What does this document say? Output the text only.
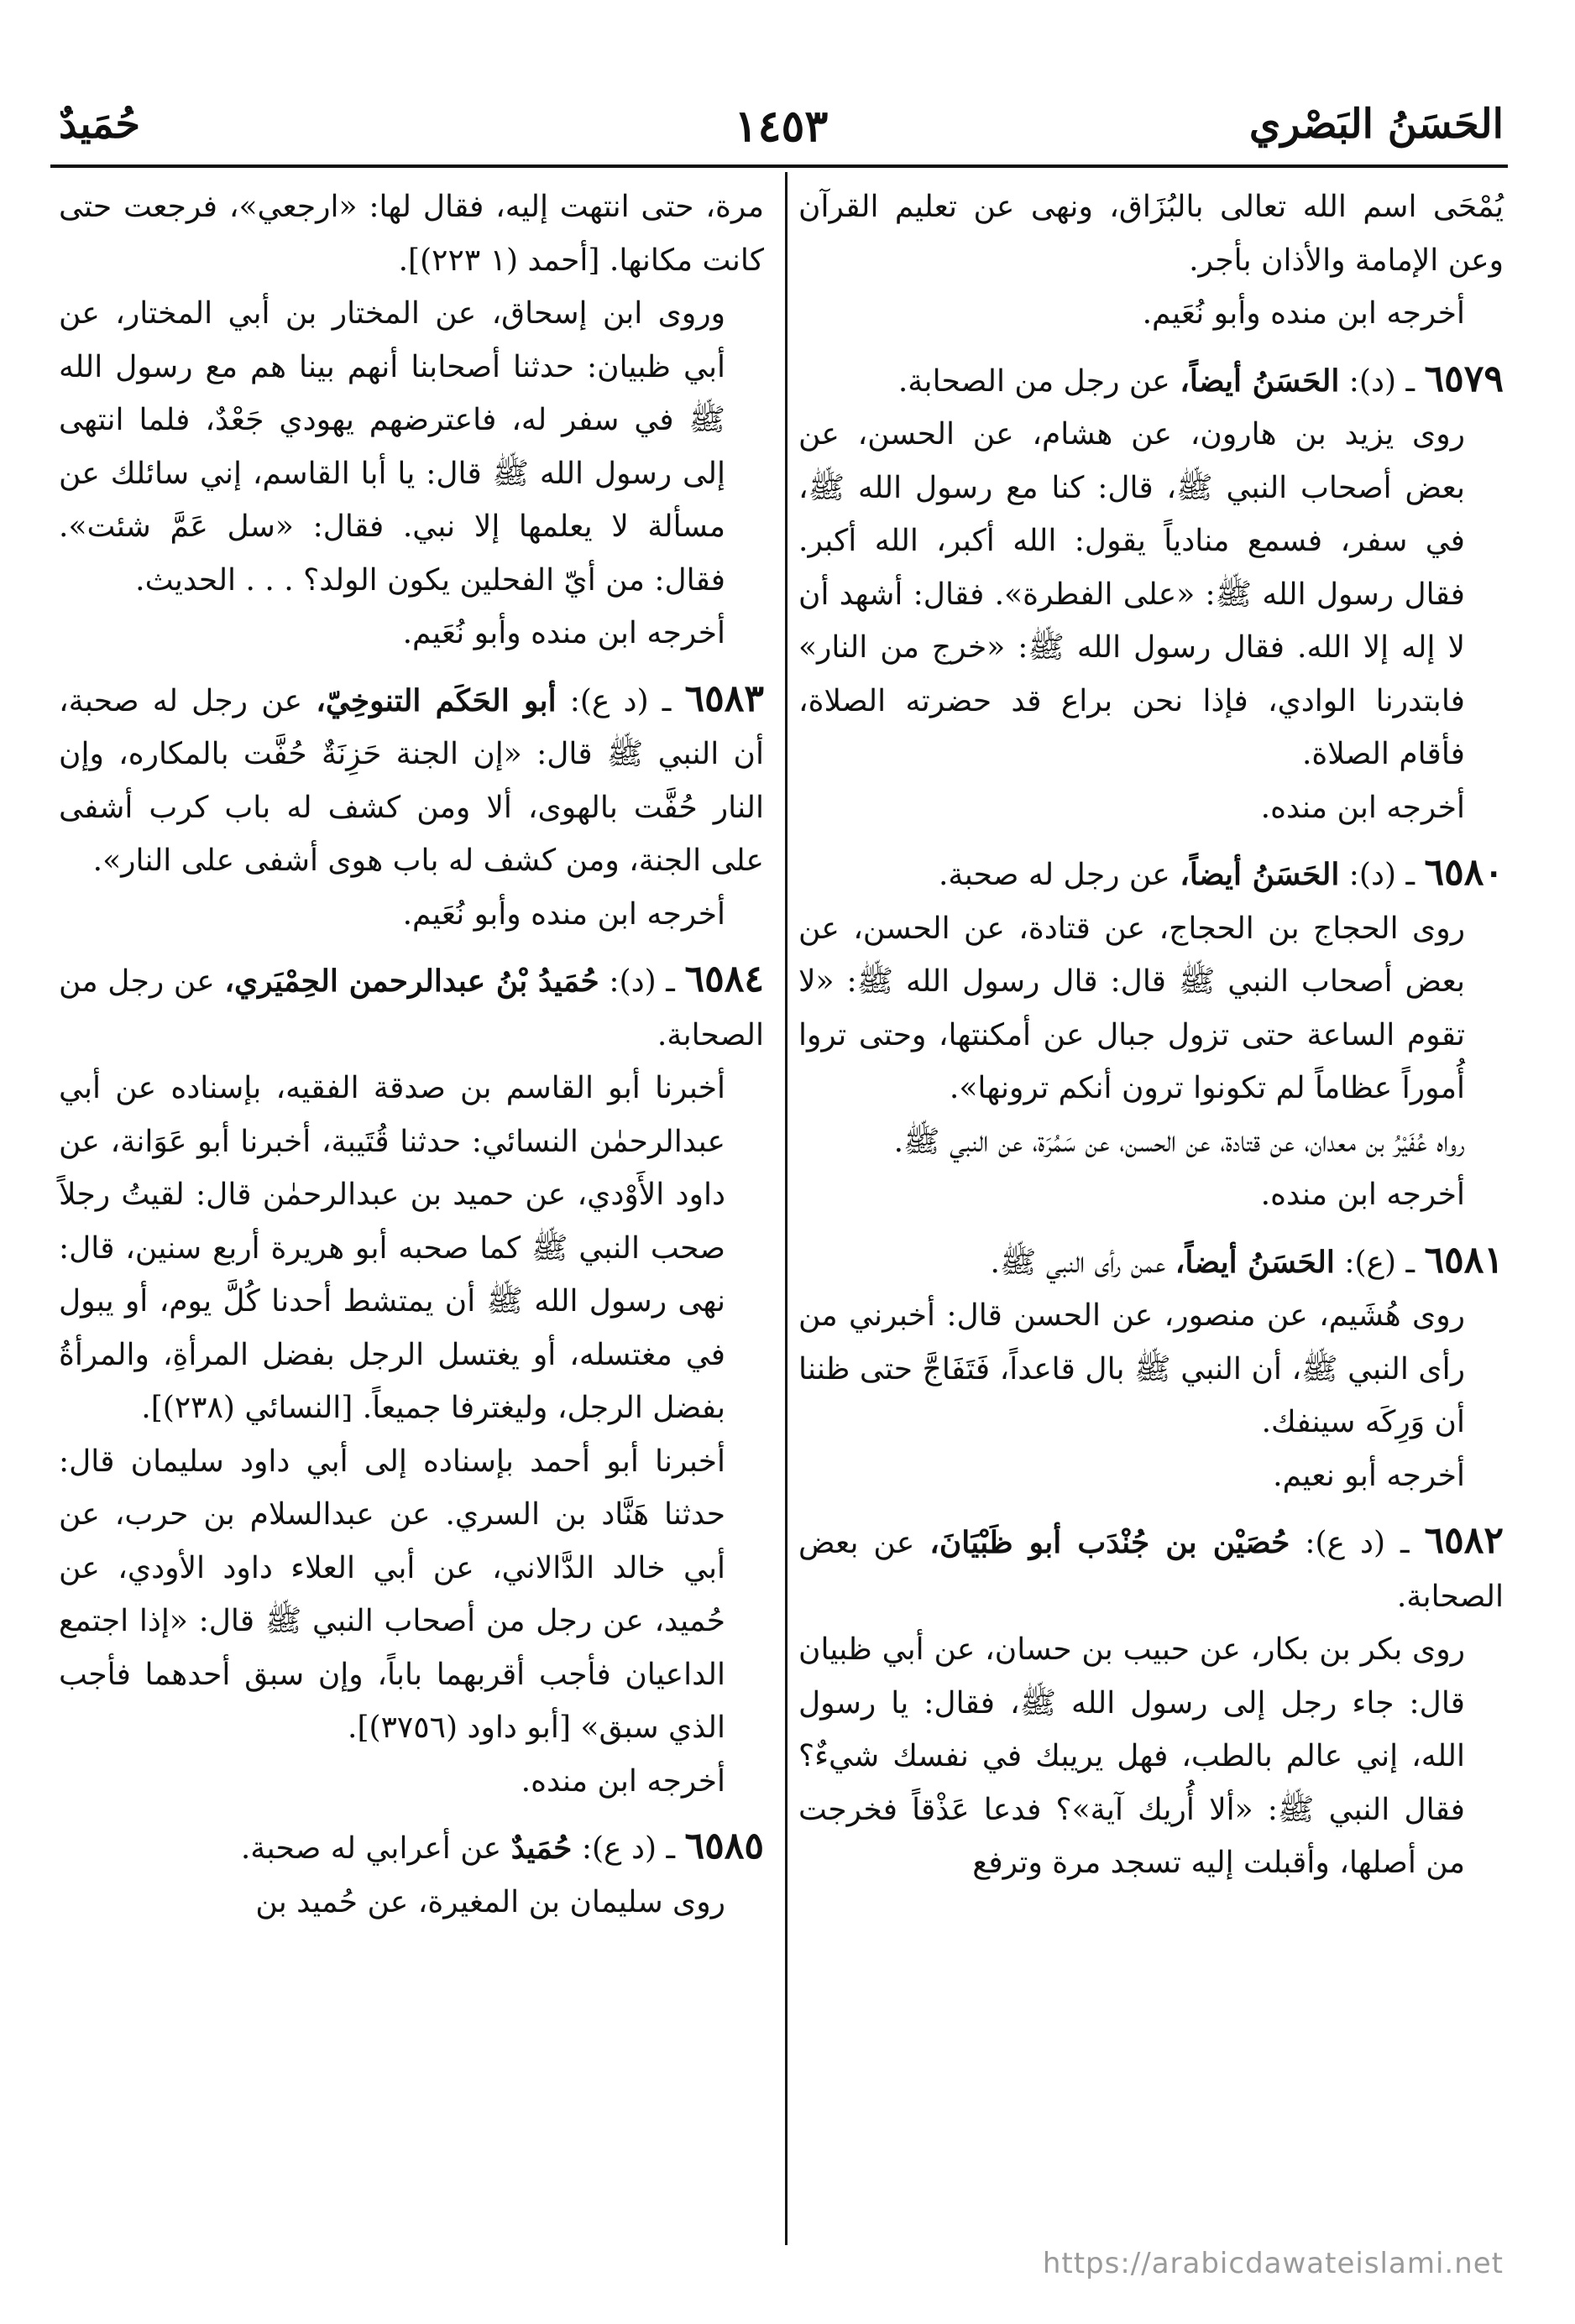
الحَسَنُ البَصْري
١٤٥٣
حُمَيدٌ

يُمْحَى اسم الله تعالى بالبُزَاق، ونهى عن تعليم القرآن وعن الإمامة والأذان بأجر.

أخرجه ابن منده وأبو نُعَيم.

٦٥٧٩ ـ (د): الحَسَنُ أيضاً، عن رجل من الصحابة.

روى يزيد بن هارون، عن هشام، عن الحسن، عن بعض أصحاب النبي ﷺ، قال: كنا مع رسول الله ﷺ، في سفر، فسمع منادياً يقول: الله أكبر، الله أكبر. فقال رسول الله ﷺ: «على الفطرة». فقال: أشهد أن لا إله إلا الله. فقال رسول الله ﷺ: «خرج من النار» فابتدرنا الوادي، فإذا نحن براع قد حضرته الصلاة، فأقام الصلاة.

أخرجه ابن منده.

٦٥٨٠ ـ (د): الحَسَنُ أيضاً، عن رجل له صحبة.

روى الحجاج بن الحجاج، عن قتادة، عن الحسن، عن بعض أصحاب النبي ﷺ قال: قال رسول الله ﷺ: «لا تقوم الساعة حتى تزول جبال عن أمكنتها، وحتى تروا أُموراً عظاماً لم تكونوا ترون أنكم ترونها».

رواه عُفَيْرُ بن معدان، عن قتادة، عن الحسن، عن سَمُرَة، عن النبي ﷺ.

أخرجه ابن منده.

٦٥٨١ ـ (ع): الحَسَنُ أيضاً، عمن رأى النبي ﷺ.

روى هُشَيم، عن منصور، عن الحسن قال: أخبرني من رأى النبي ﷺ، أن النبي ﷺ بال قاعداً، فَتَفَاجَّ حتى ظننا أن وَرِكَه سينفك.

أخرجه أبو نعيم.

٦٥٨٢ ـ (د ع): حُصَيْن بن جُنْدَب أبو ظَبْيَانَ، عن بعض الصحابة.

روى بكر بن بكار، عن حبيب بن حسان، عن أبي ظبيان قال: جاء رجل إلى رسول الله ﷺ، فقال: يا رسول الله، إني عالم بالطب، فهل يريبك في نفسك شيءٌ؟ فقال النبي ﷺ: «ألا أُريك آية»؟ فدعا عَذْقاً فخرجت من أصلها، وأقبلت إليه تسجد مرة وترفع

مرة، حتى انتهت إليه، فقال لها: «ارجعي»، فرجعت حتى كانت مكانها. [أحمد (١ ٢٢٣)].

وروى ابن إسحاق، عن المختار بن أبي المختار، عن أبي ظبيان: حدثنا أصحابنا أنهم بينا هم مع رسول الله ﷺ في سفر له، فاعترضهم يهودي جَعْدٌ، فلما انتهى إلى رسول الله ﷺ قال: يا أبا القاسم، إني سائلك عن مسألة لا يعلمها إلا نبي. فقال: «سل عَمَّ شئت». فقال: من أيّ الفحلين يكون الولد؟ . . . الحديث.

أخرجه ابن منده وأبو نُعَيم.

٦٥٨٣ ـ (د ع): أبو الحَكَم التنوخِيّ، عن رجل له صحبة، أن النبي ﷺ قال: «إن الجنة حَزِنَةٌ حُفَّت بالمكاره، وإن النار حُفَّت بالهوى، ألا ومن كشف له باب كرب أشفى على الجنة، ومن كشف له باب هوى أشفى على النار».

أخرجه ابن منده وأبو نُعَيم.

٦٥٨٤ ـ (د): حُمَيدُ بْنُ عبدالرحمن الحِمْيَري، عن رجل من الصحابة.

أخبرنا أبو القاسم بن صدقة الفقيه، بإسناده عن أبي عبدالرحمٰن النسائي: حدثنا قُتَيبة، أخبرنا أبو عَوَانة، عن داود الأَوْدي، عن حميد بن عبدالرحمٰن قال: لقيتُ رجلاً صحب النبي ﷺ كما صحبه أبو هريرة أربع سنين، قال: نهى رسول الله ﷺ أن يمتشط أحدنا كُلَّ يوم، أو يبول في مغتسله، أو يغتسل الرجل بفضل المرأةِ، والمرأةُ بفضل الرجل، وليغترفا جميعاً. [النسائي (٢٣٨)].

أخبرنا أبو أحمد بإسناده إلى أبي داود سليمان قال: حدثنا هَنَّاد بن السري. عن عبدالسلام بن حرب، عن أبي خالد الدَّالاني، عن أبي العلاء داود الأودي، عن حُميد، عن رجل من أصحاب النبي ﷺ قال: «إذا اجتمع الداعيان فأجب أقربهما باباً، وإن سبق أحدهما فأجب الذي سبق» [أبو داود (٣٧٥٦)].

أخرجه ابن منده.

٦٥٨٥ ـ (د ع): حُمَيدٌ عن أعرابي له صحبة.

روى سليمان بن المغيرة، عن حُميد بن

https://arabicdawateislami.net
